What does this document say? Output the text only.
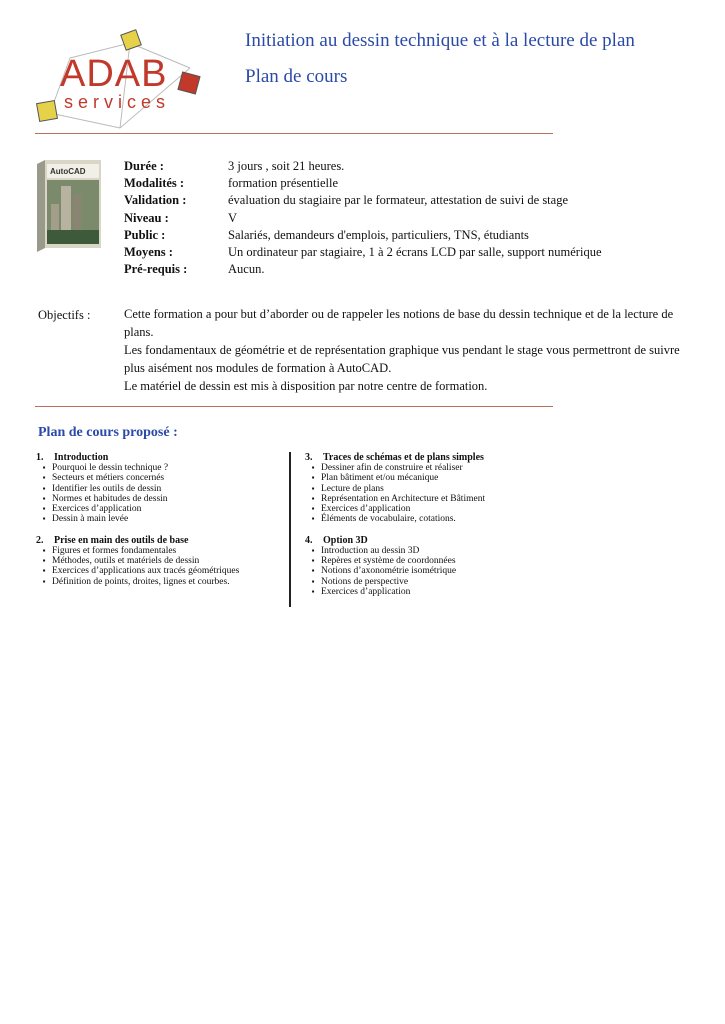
ADAB
services
Initiation au dessin technique et à la lecture de plan
Plan de cours
AutoCAD	Durée :	3 jours , soit 21 heures.
Modalités :	formation présentielle
Validation :	évaluation du stagiaire par le formateur, attestation de suivi de stage
Niveau :	V
Public :	Salariés, demandeurs d'emplois, particuliers, TNS, étudiants
Moyens :	Un ordinateur par stagiaire, 1 à 2 écrans LCD par salle, support numérique
Pré-requis :	Aucun.
Objectifs :	Cette formation a pour but d’aborder ou de rappeler les notions de base du dessin technique et de la lecture de plans.
Les fondamentaux de géométrie et de représentation graphique vus pendant le stage vous permettront de suivre plus aisément nos modules de formation à AutoCAD.
Le matériel de dessin est mis à disposition par notre centre de formation.
Plan de cours proposé :
1.	Introduction
▪ Pourquoi le dessin technique ?
▪ Secteurs et métiers concernés
▪ Identifier les outils de dessin
▪ Normes et habitudes de dessin
▪ Exercices d’application
▪ Dessin à main levée
2.	Prise en main des outils de base
▪ Figures et formes fondamentales
▪ Méthodes, outils et matériels de dessin
▪ Exercices d’applications aux tracés géométriques
▪ Définition de points, droites, lignes et courbes.
3.	Traces de schémas et de plans simples
▪ Dessiner afin de construire et réaliser
▪ Plan bâtiment et/ou mécanique
▪ Lecture de plans
▪ Représentation en Architecture et Bâtiment
▪ Exercices d’application
▪ Éléments de vocabulaire, cotations.
4.	Option 3D
▪ Introduction au dessin 3D
▪ Repères et système de coordonnées
▪ Notions d’axonométrie isométrique
▪ Notions de perspective
▪ Exercices d’application
